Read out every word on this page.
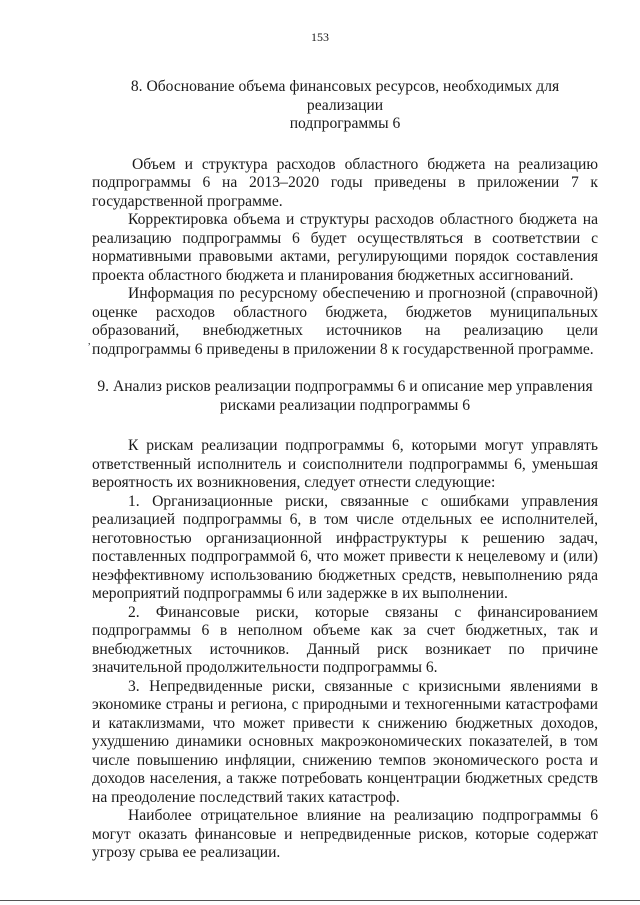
153
,
8. Обоснование объема финансовых ресурсов, необходимых для реализации
подпрограммы 6

Объем и структура расходов областного бюджета на реализацию подпрограммы 6 на 2013–2020 годы приведены в приложении 7 к государственной программе.

Корректировка объема и структуры расходов областного бюджета на реализацию подпрограммы 6 будет осуществляться в соответствии с нормативными правовыми актами, регулирующими порядок составления проекта областного бюджета и планирования бюджетных ассигнований.

Информация по ресурсному обеспечению и прогнозной (справочной) оценке расходов областного бюджета, бюджетов муниципальных образований, внебюджетных источников на реализацию цели подпрограммы 6 приведены в приложении 8 к государственной программе.

9. Анализ рисков реализации подпрограммы 6 и описание мер управления
рисками реализации подпрограммы 6

К рискам реализации подпрограммы 6, которыми могут управлять ответственный исполнитель и соисполнители подпрограммы 6, уменьшая вероятность их возникновения, следует отнести следующие:

1. Организационные риски, связанные с ошибками управления реализацией подпрограммы 6, в том числе отдельных ее исполнителей, неготовностью организационной инфраструктуры к решению задач, поставленных подпрограммой 6, что может привести к нецелевому и (или) неэффективному использованию бюджетных средств, невыполнению ряда мероприятий подпрограммы 6 или задержке в их выполнении.

2. Финансовые риски, которые связаны с финансированием подпрограммы 6 в неполном объеме как за счет бюджетных, так и внебюджетных источников. Данный риск возникает по причине значительной продолжительности подпрограммы 6.

3. Непредвиденные риски, связанные с кризисными явлениями в экономике страны и региона, с природными и техногенными катастрофами и катаклизмами, что может привести к снижению бюджетных доходов, ухудшению динамики основных макроэкономических показателей, в том числе повышению инфляции, снижению темпов экономического роста и доходов населения, а также потребовать концентрации бюджетных средств на преодоление последствий таких катастроф.

Наиболее отрицательное влияние на реализацию подпрограммы 6 могут оказать финансовые и непредвиденные рисков, которые содержат угрозу срыва ее реализации.
